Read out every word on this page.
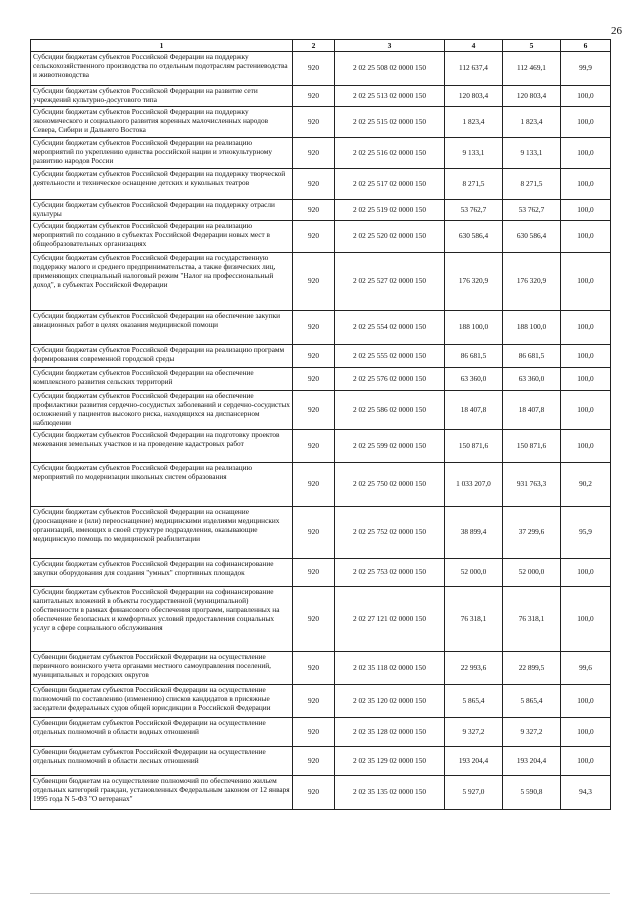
26
1	2	3	4	5	6
Субсидии бюджетам субъектов Российской Федерации на поддержку сельскохозяйственного производства по отдельным подотраслям растениеводства и животноводства	920	2 02 25 508 02 0000 150	112 637,4	112 469,1	99,9
Субсидии бюджетам субъектов Российской Федерации на развитие сети учреждений культурно-досугового типа	920	2 02 25 513 02 0000 150	120 803,4	120 803,4	100,0
Субсидии бюджетам субъектов Российской Федерации на поддержку экономического и социального развития коренных малочисленных народов Севера, Сибири и Дальнего Востока	920	2 02 25 515 02 0000 150	1 823,4	1 823,4	100,0
Субсидии бюджетам субъектов Российской Федерации на реализацию мероприятий по укреплению единства российской нации и этнокультурному развитию народов России	920	2 02 25 516 02 0000 150	9 133,1	9 133,1	100,0
Субсидии бюджетам субъектов Российской Федерации на поддержку творческой деятельности и техническое оснащение детских и кукольных театров	920	2 02 25 517 02 0000 150	8 271,5	8 271,5	100,0
Субсидии бюджетам субъектов Российской Федерации на поддержку отрасли культуры	920	2 02 25 519 02 0000 150	53 762,7	53 762,7	100,0
Субсидии бюджетам субъектов Российской Федерации на реализацию мероприятий по созданию в субъектах Российской Федерации новых мест в общеобразовательных организациях	920	2 02 25 520 02 0000 150	630 586,4	630 586,4	100,0
Субсидии бюджетам субъектов Российской Федерации на государственную поддержку малого и среднего предпринимательства, а также физических лиц, применяющих специальный налоговый режим "Налог на профессиональный доход", в субъектах Российской Федерации	920	2 02 25 527 02 0000 150	176 320,9	176 320,9	100,0
Субсидии бюджетам субъектов Российской Федерации на обеспечение закупки авиационных работ в целях оказания медицинской помощи	920	2 02 25 554 02 0000 150	188 100,0	188 100,0	100,0
Субсидии бюджетам субъектов Российской Федерации на реализацию программ формирования современной городской среды	920	2 02 25 555 02 0000 150	86 681,5	86 681,5	100,0
Субсидии бюджетам субъектов Российской Федерации на обеспечение комплексного развития сельских территорий	920	2 02 25 576 02 0000 150	63 360,0	63 360,0	100,0
Субсидии бюджетам субъектов Российской Федерации на обеспечение профилактики развития сердечно-сосудистых заболеваний и сердечно-сосудистых осложнений у пациентов высокого риска, находящихся на диспансерном наблюдении	920	2 02 25 586 02 0000 150	18 407,8	18 407,8	100,0
Субсидии бюджетам субъектов Российской Федерации на подготовку проектов межевания земельных участков и на проведение кадастровых работ	920	2 02 25 599 02 0000 150	150 871,6	150 871,6	100,0
Субсидии бюджетам субъектов Российской Федерации на реализацию мероприятий по модернизации школьных систем образования	920	2 02 25 750 02 0000 150	1 033 207,0	931 763,3	90,2
Субсидии бюджетам субъектов Российской Федерации на оснащение (дооснащение и (или) переоснащение) медицинскими изделиями медицинских организаций, имеющих в своей структуре подразделения, оказывающие медицинскую помощь по медицинской реабилитации	920	2 02 25 752 02 0000 150	38 899,4	37 299,6	95,9
Субсидии бюджетам субъектов Российской Федерации на софинансирование закупки оборудования для создания "умных" спортивных площадок	920	2 02 25 753 02 0000 150	52 000,0	52 000,0	100,0
Субсидии бюджетам субъектов Российской Федерации на софинансирование капитальных вложений в объекты государственной (муниципальной) собственности в рамках финансового обеспечения программ, направленных на обеспечение безопасных и комфортных условий предоставления социальных услуг в сфере социального обслуживания	920	2 02 27 121 02 0000 150	76 318,1	76 318,1	100,0
Субвенции бюджетам субъектов Российской Федерации на осуществление первичного воинского учета органами местного самоуправления поселений, муниципальных и городских округов	920	2 02 35 118 02 0000 150	22 993,6	22 899,5	99,6
Субвенции бюджетам субъектов Российской Федерации на осуществление полномочий по составлению (изменению) списков кандидатов в присяжные заседатели федеральных судов общей юрисдикции в Российской Федерации	920	2 02 35 120 02 0000 150	5 865,4	5 865,4	100,0
Субвенции бюджетам субъектов Российской Федерации на осуществление отдельных полномочий в области водных отношений	920	2 02 35 128 02 0000 150	9 327,2	9 327,2	100,0
Субвенции бюджетам субъектов Российской Федерации на осуществление отдельных полномочий в области лесных отношений	920	2 02 35 129 02 0000 150	193 204,4	193 204,4	100,0
Субвенции бюджетам на осуществление полномочий по обеспечению жильем отдельных категорий граждан, установленных Федеральным законом от 12 января 1995 года N 5-ФЗ "О ветеранах"	920	2 02 35 135 02 0000 150	5 927,0	5 590,8	94,3
